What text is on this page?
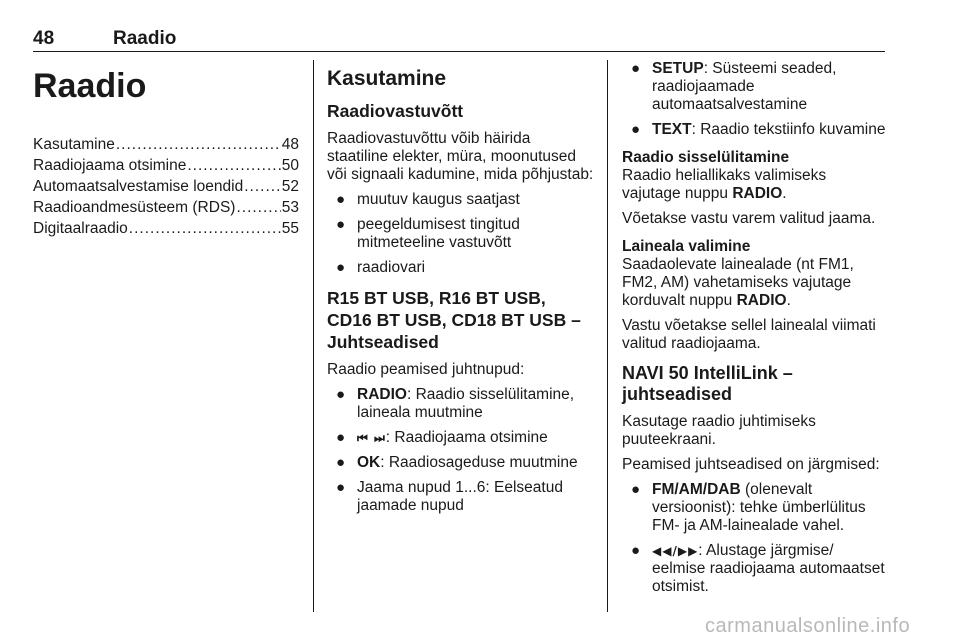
48	Raadio
Raadio
Kasutamine .....	48
Raadiojaama otsimine .....	50
Automaatsalvestamise loendid ..... 52
Raadioandmesüsteem (RDS) .....	53
Digitaalraadio .....	55
Kasutamine
Raadiovastuvõtt

Raadiovastuvõttu võib häirida staatiline elekter, müra, moonutused või signaali kadumine, mida põhjustab:

● muutuv kaugus saatjast
● peegeldumisest tingitud mitmeteeline vastuvõtt
● raadiovari
R15 BT USB, R16 BT USB, CD16 BT USB, CD18 BT USB – Juhtseadised

Raadio peamised juhtnupud:

● RADIO: Raadio sisselülitamine, laineala muutmine
● ⏮ ⏭: Raadiojaama otsimine
● OK: Raadiosageduse muutmine
● Jaama nupud 1...6: Eelseatud jaamade nupud
● SETUP: Süsteemi seaded, raadiojaamade automaatsalvestamine
● TEXT: Raadio tekstiinfo kuvamine
Raadio sisselülitamine

Raadio heliallikaks valimiseks vajutage nuppu RADIO.

Võetakse vastu varem valitud jaama.

Laineala valimine

Saadaolevate lainealade (nt FM1, FM2, AM) vahetamiseks vajutage korduvalt nuppu RADIO.

Vastu võetakse sellel lainealal viimati valitud raadiojaama.

NAVI 50 IntelliLink – juhtseadised

Kasutage raadio juhtimiseks puuteekraani.

Peamised juhtseadised on järgmised:

● FM/AM/DAB (olenevalt versioonist): tehke ümberlülitus FM- ja AM-lainealade vahel.
● ◀◀/▶▶: Alustage järgmise/ eelmise raadiojaama automaatset otsimist.
carmanualsonline.info
